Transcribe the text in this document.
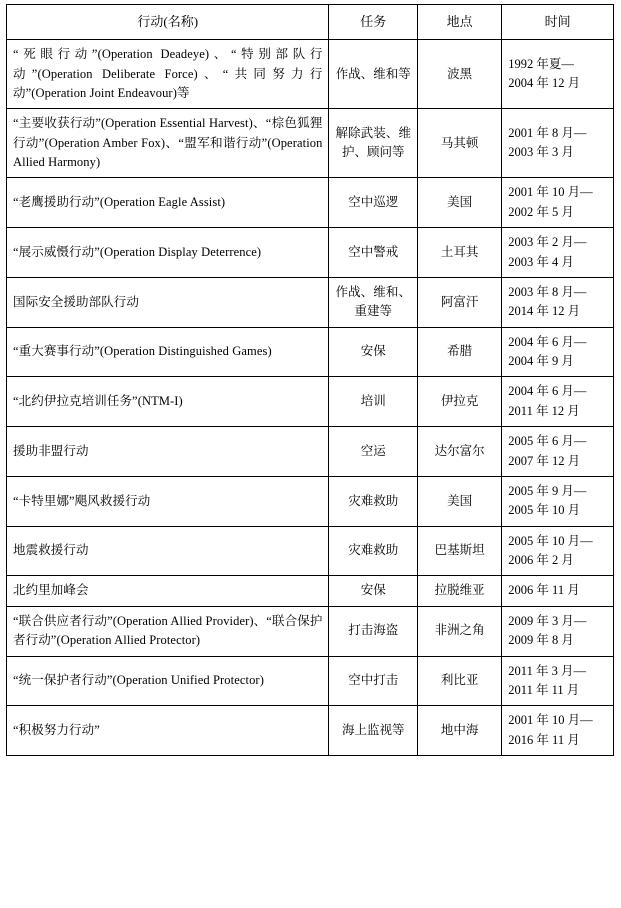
行动(名称)	任务	地点	时间
“死眼行动”(Operation Deadeye)、“特别部队行动”(Operation Deliberate Force)、“共同努力行动”(Operation Joint Endeavour)等	作战、维和等	波黑	1992 年夏—
2004 年 12 月

“主要收获行动”(Operation Essential Harvest)、“棕色狐狸行动”(Operation Amber Fox)、“盟军和谐行动”(Operation Allied Harmony)	解除武装、维护、顾问等	马其顿	2001 年 8 月—
2003 年 3 月

“老鹰援助行动”(Operation Eagle Assist)	空中巡逻	美国	2001 年 10 月—
2002 年 5 月

“展示威慑行动”(Operation Display Deterrence)	空中警戒	土耳其	2003 年 2 月—
2003 年 4 月

国际安全援助部队行动	作战、维和、重建等	阿富汗	2003 年 8 月—
2014 年 12 月

“重大赛事行动”(Operation Distinguished Games)	安保	希腊	2004 年 6 月—
2004 年 9 月

“北约伊拉克培训任务”(NTM-I)	培训	伊拉克	2004 年 6 月—
2011 年 12 月

援助非盟行动	空运	达尔富尔	2005 年 6 月—
2007 年 12 月

“卡特里娜”飓风救援行动	灾难救助	美国	2005 年 9 月—
2005 年 10 月

地震救援行动	灾难救助	巴基斯坦	2005 年 10 月—
2006 年 2 月

北约里加峰会	安保	拉脱维亚	2006 年 11 月

“联合供应者行动”(Operation Allied Provider)、“联合保护者行动”(Operation Allied Protector)	打击海盗	非洲之角	2009 年 3 月—
2009 年 8 月

“统一保护者行动”(Operation Unified Protector)	空中打击	利比亚	2011 年 3 月—
2011 年 11 月

“积极努力行动”	海上监视等	地中海	2001 年 10 月—
2016 年 11 月
